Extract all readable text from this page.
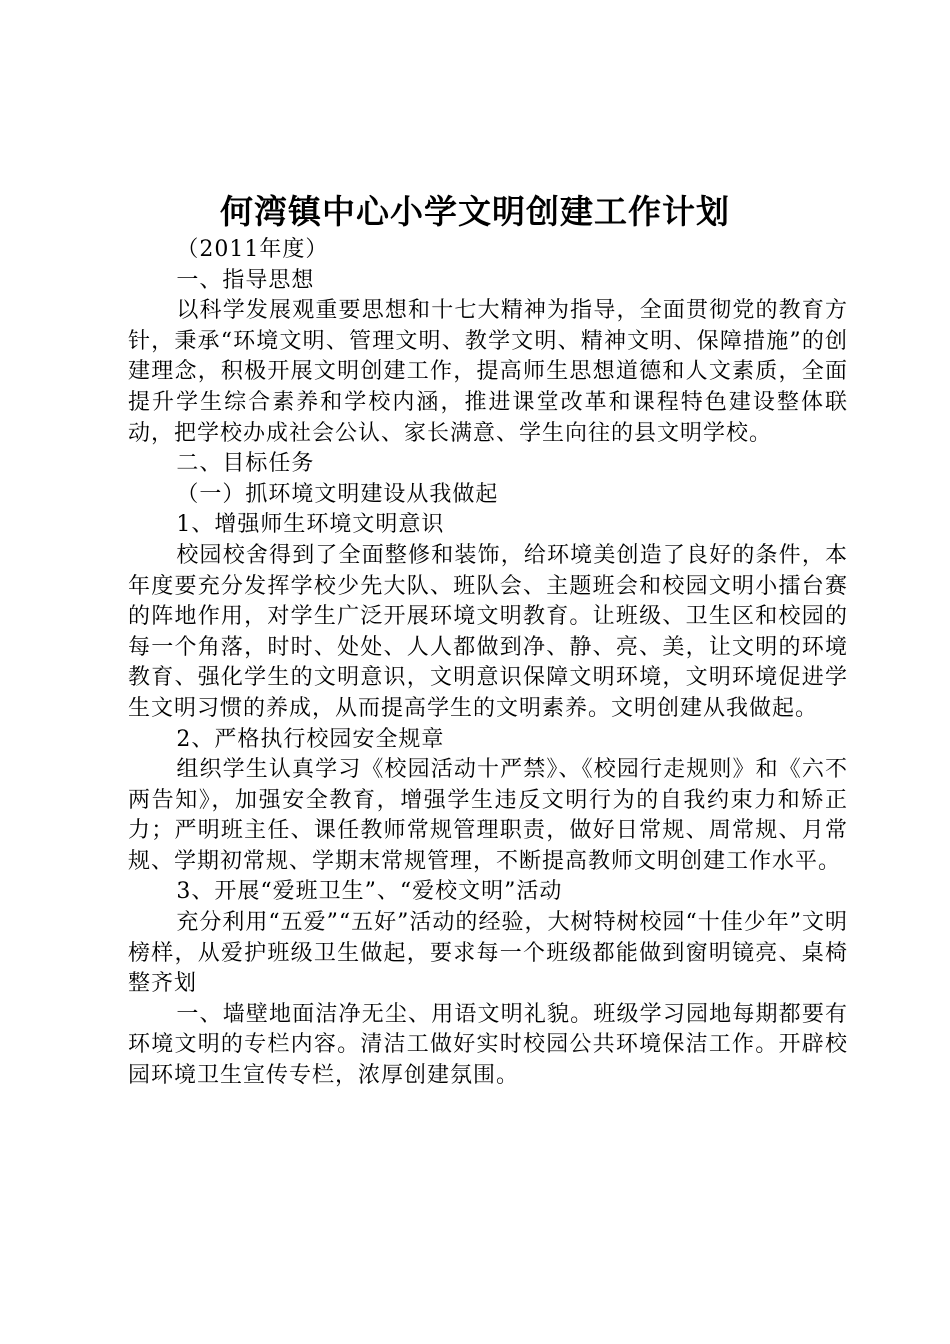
何湾镇中心小学文明创建工作计划

（2011年度）

一、指导思想

以科学发展观重要思想和十七大精神为指导，全面贯彻党的教育方针，秉承“环境文明、管理文明、教学文明、精神文明、保障措施”的创建理念，积极开展文明创建工作，提高师生思想道德和人文素质，全面提升学生综合素养和学校内涵，推进课堂改革和课程特色建设整体联动，把学校办成社会公认、家长满意、学生向往的县文明学校。

二、目标任务

（一）抓环境文明建设从我做起

1、增强师生环境文明意识

校园校舍得到了全面整修和装饰，给环境美创造了良好的条件，本年度要充分发挥学校少先大队、班队会、主题班会和校园文明小擂台赛的阵地作用，对学生广泛开展环境文明教育。让班级、卫生区和校园的每一个角落，时时、处处、人人都做到净、静、亮、美，让文明的环境教育、强化学生的文明意识，文明意识保障文明环境，文明环境促进学生文明习惯的养成，从而提高学生的文明素养。文明创建从我做起。

2、严格执行校园安全规章

组织学生认真学习《校园活动十严禁》、《校园行走规则》和《六不两告知》，加强安全教育，增强学生违反文明行为的自我约束力和矫正力；严明班主任、课任教师常规管理职责，做好日常规、周常规、月常规、学期初常规、学期末常规管理，不断提高教师文明创建工作水平。

3、开展“爱班卫生”、“爱校文明”活动

充分利用“五爱”“五好”活动的经验，大树特树校园“十佳少年”文明榜样，从爱护班级卫生做起，要求每一个班级都能做到窗明镜亮、桌椅整齐划

一、墙壁地面洁净无尘、用语文明礼貌。班级学习园地每期都要有环境文明的专栏内容。清洁工做好实时校园公共环境保洁工作。开辟校园环境卫生宣传专栏，浓厚创建氛围。
